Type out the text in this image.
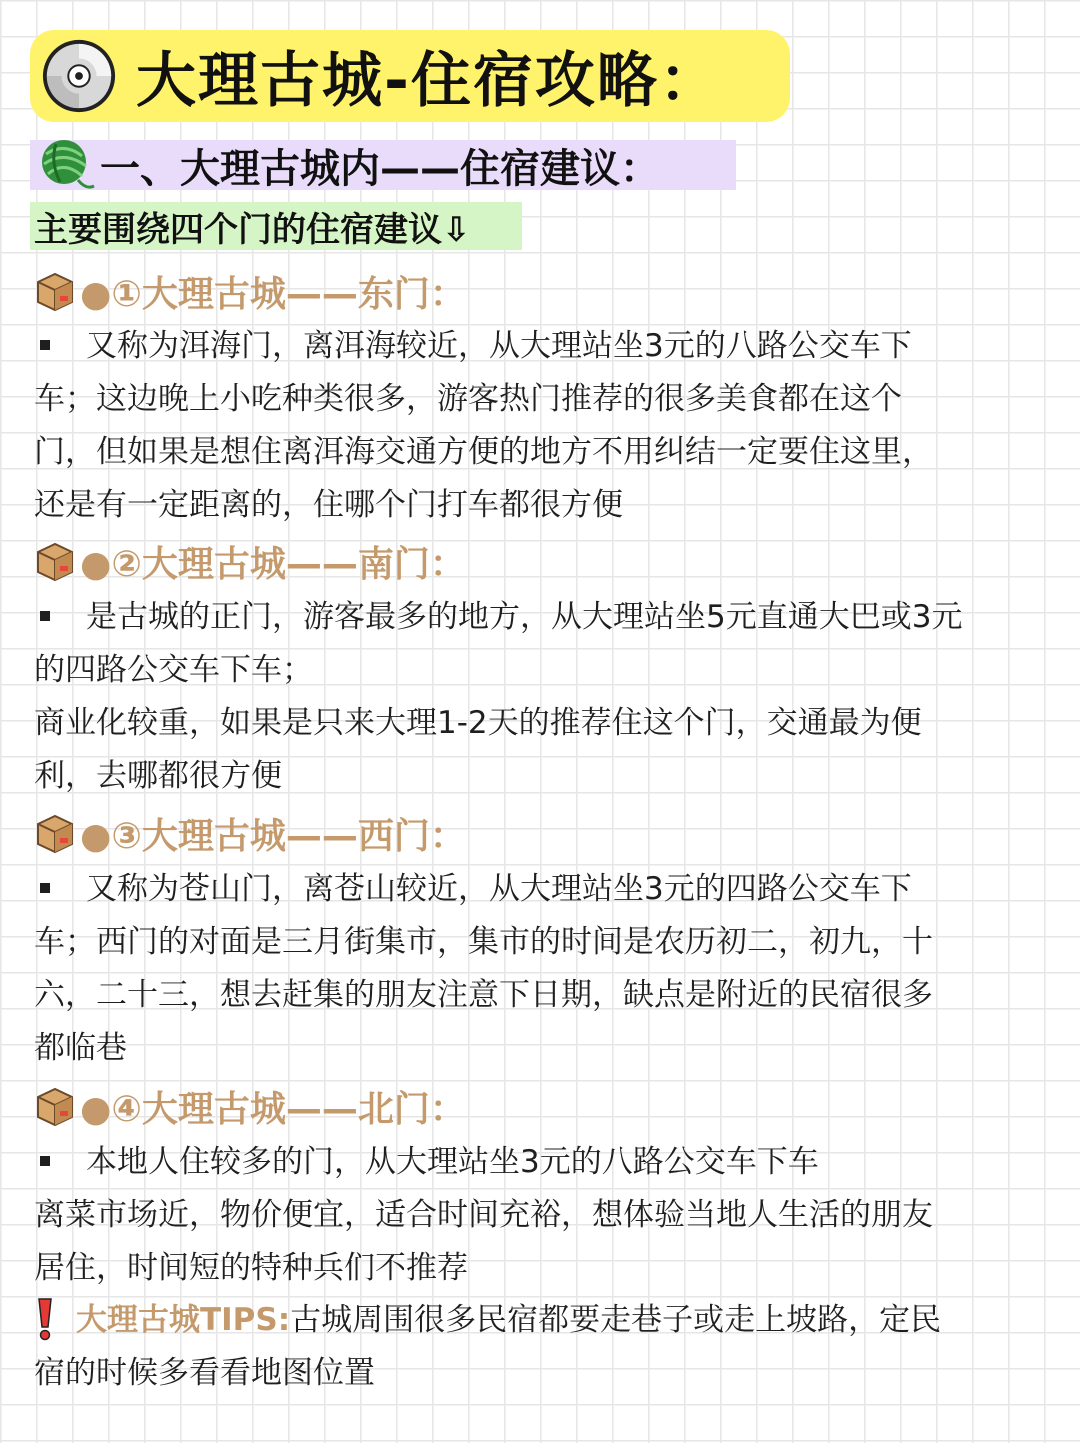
大理古城-住宿攻略：
一、大理古城内——住宿建议：
主要围绕四个门的住宿建议⇩
●①大理古城——东门：
又称为洱海门，离洱海较近，从大理站坐3元的八路公交车下
车；这边晚上小吃种类很多，游客热门推荐的很多美食都在这个
门，但如果是想住离洱海交通方便的地方不用纠结一定要住这里，
还是有一定距离的，住哪个门打车都很方便
●②大理古城——南门：
是古城的正门，游客最多的地方，从大理站坐5元直通大巴或3元
的四路公交车下车；
商业化较重，如果是只来大理1-2天的推荐住这个门，交通最为便
利，去哪都很方便
●③大理古城——西门：
又称为苍山门，离苍山较近，从大理站坐3元的四路公交车下
车；西门的对面是三月街集市，集市的时间是农历初二，初九，十
六，二十三，想去赶集的朋友注意下日期，缺点是附近的民宿很多
都临巷
●④大理古城——北门：
本地人住较多的门，从大理站坐3元的八路公交车下车
离菜市场近，物价便宜，适合时间充裕，想体验当地人生活的朋友
居住，时间短的特种兵们不推荐
大理古城TIPS:古城周围很多民宿都要走巷子或走上坡路，定民
宿的时候多看看地图位置
